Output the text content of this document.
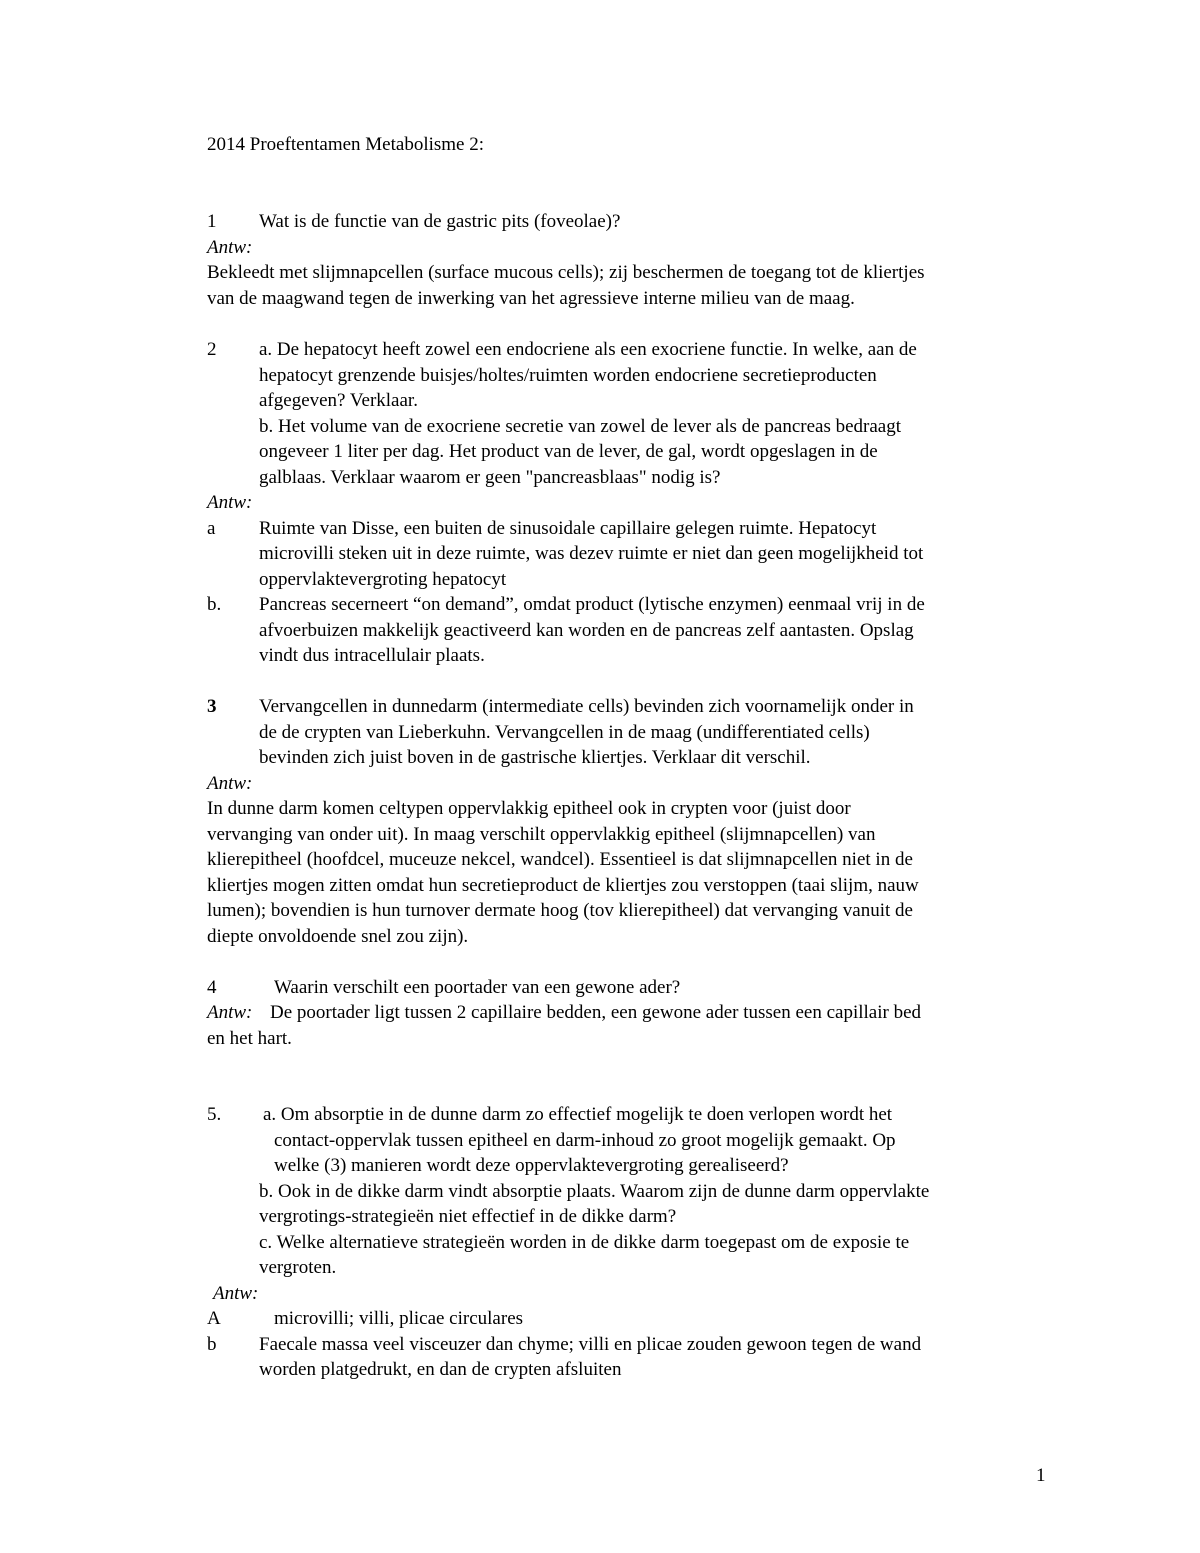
2014 Proeftentamen Metabolisme 2:
1 Wat is de functie van de gastric pits (foveolae)?
Antw:
Bekleedt met slijmnapcellen (surface mucous cells); zij beschermen de toegang tot de kliertjes
van de maagwand tegen de inwerking van het agressieve interne milieu van de maag.
2 a. De hepatocyt heeft zowel een endocriene als een exocriene functie. In welke, aan de
hepatocyt grenzende buisjes/holtes/ruimten worden endocriene secretieproducten
afgegeven? Verklaar.
b. Het volume van de exocriene secretie van zowel de lever als de pancreas bedraagt
ongeveer 1 liter per dag. Het product van de lever, de gal, wordt opgeslagen in de
galblaas. Verklaar waarom er geen "pancreasblaas" nodig is?
Antw:
a Ruimte van Disse, een buiten de sinusoidale capillaire gelegen ruimte. Hepatocyt
microvilli steken uit in deze ruimte, was dezev ruimte er niet dan geen mogelijkheid tot
oppervlaktevergroting hepatocyt
b. Pancreas secerneert “on demand”, omdat product (lytische enzymen) eenmaal vrij in de
afvoerbuizen makkelijk geactiveerd kan worden en de pancreas zelf aantasten. Opslag
vindt dus intracellulair plaats.
3 Vervangcellen in dunnedarm (intermediate cells) bevinden zich voornamelijk onder in
de de crypten van Lieberkuhn. Vervangcellen in de maag (undifferentiated cells)
bevinden zich juist boven in de gastrische kliertjes. Verklaar dit verschil.
Antw:
In dunne darm komen celtypen oppervlakkig epitheel ook in crypten voor (juist door
vervanging van onder uit). In maag verschilt oppervlakkig epitheel (slijmnapcellen) van
klierepitheel (hoofdcel, muceuze nekcel, wandcel). Essentieel is dat slijmnapcellen niet in de
kliertjes mogen zitten omdat hun secretieproduct de kliertjes zou verstoppen (taai slijm, nauw
lumen); bovendien is hun turnover dermate hoog (tov klierepitheel) dat vervanging vanuit de
diepte onvoldoende snel zou zijn).
4	Waarin verschilt een poortader van een gewone ader?
Antw: De poortader ligt tussen 2 capillaire bedden, een gewone ader tussen een capillair bed
en het hart.
5. a. Om absorptie in de dunne darm zo effectief mogelijk te doen verlopen wordt het
contact-oppervlak tussen epitheel en darm-inhoud zo groot mogelijk gemaakt. Op
welke (3) manieren wordt deze oppervlaktevergroting gerealiseerd?
b. Ook in de dikke darm vindt absorptie plaats. Waarom zijn de dunne darm oppervlakte
vergrotings-strategieën niet effectief in de dikke darm?
c. Welke alternatieve strategieën worden in de dikke darm toegepast om de exposie te
vergroten.
Antw:
A	microvilli; villi, plicae circulares
b Faecale massa veel visceuzer dan chyme; villi en plicae zouden gewoon tegen de wand
worden platgedrukt, en dan de crypten afsluiten
1
